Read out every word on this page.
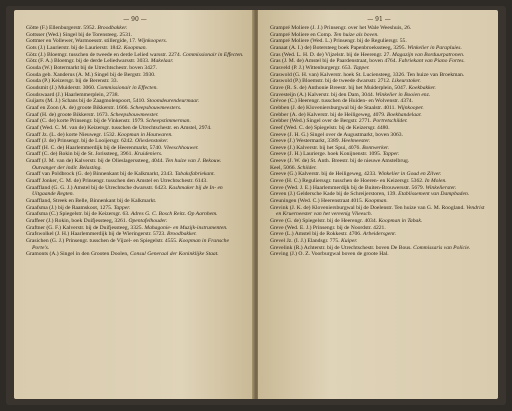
— 90 —
Götte (F.) Ellenburgerstr. 5952. Broodbakker.
Gottsser (Wed.) Singel bij de Torensteeg. 2531.
Gottmer en Vollewer, Warmoesstr. stillergide, 17. Wijnkoopers.
Gots (J.) Laurierstr. bij de Laurierstr. 1842. Koopman.
Götz (J.) Bloemgr. tusschen de tweede en derde Lelied warsstr. 2274. Commissionair in Effecten.
Götz (F. A.) Bloemgr. bij de derde Leliedwarsstr. 3033. Makelaar.
Gouda (W.) Botermarkt bij de Utrechtschestr. boven 3427.
Gouda geb. Xanderus (A. M.) Singel bij de Bergstr. 3930.
Gouda (P.) Keizersgr. bij de Berenstr. 33.
Goudsmit (J.) Muiderstr. 3060. Commissionair in Effecten.
Goudswaard (J.) Haarlemmerplein, 2738.
Guijarts (M. J.) Schans bij de Zaagmolenpoort, 5410. Stoomdeurendeurmaar.
Graaf en Zoon (A. de) groote Bikkerstr. 1666. Scheepsbouwmeesters.
Graaf (H. de) groote Bikkerstr. 1673. Scheepsbouwmeester.
Graaf (C. de) korte Prinsengr. bij de Vinkenstr. 1979. Scheepstimmerman.
Graaf (Wed. C. M. van de) Keizersgr. tusschen de Utrechtschestr. en Amstel, 2974.
Graaff Jz. (L. de) korte Nieuwegr. 1532. Koopman in Houtwaren.
Graaff (J. de) Prinsengr. bij de Looijersgr. 6242. Olieslenstoker.
Graaff (H. C. de) Haarlemmerdijk bij de Heerenmarkt, 5740. Vleeschhouwer.
Graaff (C. de) Rokin bij de St. Jorissteeg, 3961. Kruideniers.
Graaff (J. M. van de) Kalverstr. bij de Olieslagerssteeg, 4044. Ten huize van J. Bekouw. Outvanger der indir. Belasting.
Graaff van Poldbrock (G. de) Binnenkant bij de Kalkmarkt, 2343. Tabaksfabriekant.
Graaff Jonker, C. M. de) Prinsengr. tusschen den Amstel en Utrechtschestr. 6143.
Graaffland (G. G. J.) Amstel bij de Utrechtsche dwarsstr. 6423. Kashmaker bij de In- en Uitgaande Regten.
Graaffland, Streek en Belle, Binnenkant bij de Kalkmarkt.
Graafsma (J.) bij de Raamskoot, 1275. Tapper.
Graafsma (C.) Spiegelstr. bij de Keizersgr. 63. Adres G. C. Bosch Reitz. Op Aarnhem.
Graffeer (J.) Rokin, boek Duifjessteeg, 3261. Opentafelhouder.
Graftner (G. F.) Kalverstr. bij de Duifjessteeg, 3325. Mahagonie- en Muzijk-instrumenten.
Grafswolkel (J. H.) Haarlemmerdijk bij de Wieringerstr. 5723. Broodbakker.
Grasichen (G. J.) Prinsengr. tusschen de Vijzel- en Spiegelstr. 4555. Koopman in Fransche Porte's.
Gramonts (A.) Singel in den Grooten Doolen, Consul Generaal der Koninklijke Staat.
— 91 —
Grampré Moliere (J. J.) Prinsengr. over het Wale Weeshuis, 26.
Grampré Moliere en Comp. Ten huize als boven.
Grampré Moliere (Wed. L.) Prinsengr. bij de Reguliersgr. 55.
Granaat (A. I.) de) Botersteeg boek Papenbroekssteeg, 3295. Winkelier in Parapluies.
Gras (Wed. L. H. D. de) Vijzelstr. bij de Heerengr. 27. Magazijn van Borduurpatronen.
Gras (J. M. de) Amstel bij de Paardenstraat, boven 4764. Fabriekant van Piano Fortes.
Grasveld (P. J.) Wittenburgergr. 653. Tapper.
Graswold (G. H. van) Kalverstr. hoek St. Luciensteeg, 3326. Ten huize van Broekman.
Graswold (P.) Bloemstr. bij de tweede dwarsstr. 2712. Likeurstoker.
Grave (R. S. de) Anthonie Breestr. bij het Muiderplein, 5047. Koekbakker.
Gravesteijn (A.) Kalverstr. bij den Dam, 3044. Winkelier in Booien enz.
Grévoe (C.) Heerengr. tusschen de Huiden- en Wolvenstr. 4374.
Grebben (J. de) Kloveniersburgwal bij de Staalstr. 4011. Wijnkooper.
Grebber (A. de) Kalverstr. bij de Heiligeweg, 4079. Boekhandelaar.
Grebber (Wed.) Singel over de Bergstr. 2771. Portretschilder.
Greef (Wed. C. de) Spiegelstr. bij de Keizersgr. 4480.
Greeve (J. H. G.) Singel over de Augustmarkt, boven 3063.
Greeve (J.) Westermarkt, 3389. Heelmeester.
Greeve (J.) Kalverstr. bij het Spui, 4076. Bontwerker.
Greeve (J. H.) Laurierge. hoek Konijnenstr. 1095. Tapper.
Greeve (J. W. de) St. Anth. Breestr. bij de nieuwe Amstelbrug.
Keel, 5066. Schilder.
Greeve (G.) Kalverstr. bij de Heiligeweg, 4233. Winkelier in Goud en Zilver.
Greve (H. C.) Regulierssgr. tusschen de Hoeren- en Keizersgr. 5362. In Molen.
Greve (Wed. J. E.) Haarlemmerdijk bij de Buiten-Brouwersstr. 5679. Winkelierster.
Greven (J.) Geldersche Kade bij de Schreijerstoren, 139. Etablissement van Dampbaden.
Greuningen (Wed. C.) Heerenstraat 4015. Koopman.
Grevink (J. K. de) Kloveniersburgwal bij de Doelenstr. Ten huize van G. M. Roogland. Vendrist en Kruerneester van het vereenig Vlieesch.
Greve (G. de) Spiegelstr. bij de Heerengr. 4034. Koopman in Tabak.
Greve (Wed. E. J.) Prinsengr. bij de Noordstr. 4221.
Greve (L.) Amstel bij de Rokkestr. 4706. Arbeidersgenr.
Grevel Jz. (I. J.) Elandsgr. 775. Kuiper.
Grevelink (R.) Achterstr. bij de Utrechtschestr. boven De Bous. Commissaris van Policie.
Greving (J.) O. Z. Voorburgwal boven de groote Hal.
